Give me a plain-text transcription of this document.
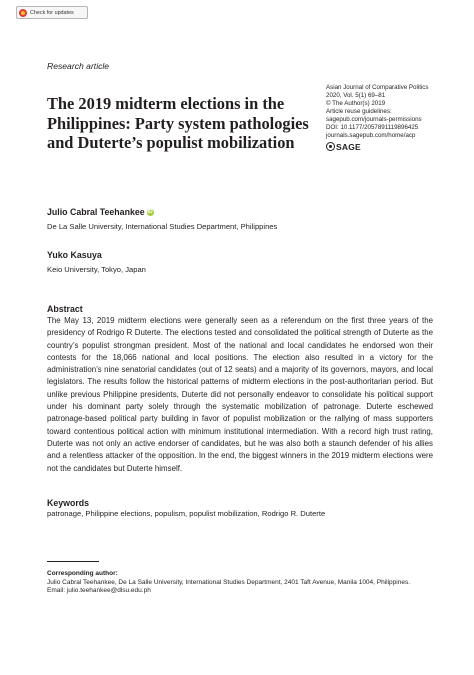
Check for updates
Research article
Asian Journal of Comparative Politics
2020, Vol. 5(1) 69–81
© The Author(s) 2019
Article reuse guidelines:
sagepub.com/journals-permissions
DOI: 10.1177/2057891119896425
journals.sagepub.com/home/acp
SAGE
The 2019 midterm elections in the Philippines: Party system pathologies and Duterte’s populist mobilization
Julio Cabral Teehankee iD
De La Salle University, International Studies Department, Philippines
Yuko Kasuya
Keio University, Tokyo, Japan
Abstract
The May 13, 2019 midterm elections were generally seen as a referendum on the first three years of the presidency of Rodrigo R Duterte. The elections tested and consolidated the political strength of Duterte as the country’s populist strongman president. Most of the national and local candidates he endorsed won their contests for the 18,066 national and local positions. The election also resulted in a victory for the administration’s nine senatorial candidates (out of 12 seats) and a majority of its governors, mayors, and local legislators. The results follow the historical patterns of midterm elections in the post-authoritarian period. But unlike previous Philippine presidents, Duterte did not personally endeavor to consolidate his political support under his dominant party solely through the systematic mobilization of patronage. Duterte eschewed patronage-based political party building in favor of populist mobilization or the rallying of mass supporters toward contentious political action with minimum institutional intermediation. With a record high trust rating, Duterte was not only an active endorser of candidates, but he was also both a staunch defender of his allies and a relentless attacker of the opposition. In the end, the biggest winners in the 2019 midterm elections were not the candidates but Duterte himself.
Keywords
patronage, Philippine elections, populism, populist mobilization, Rodrigo R. Duterte
Corresponding author:
Julio Cabral Teehankee, De La Salle University, International Studies Department, 2401 Taft Avenue, Manila 1004, Philippines.
Email: julio.teehankee@dlsu.edu.ph
